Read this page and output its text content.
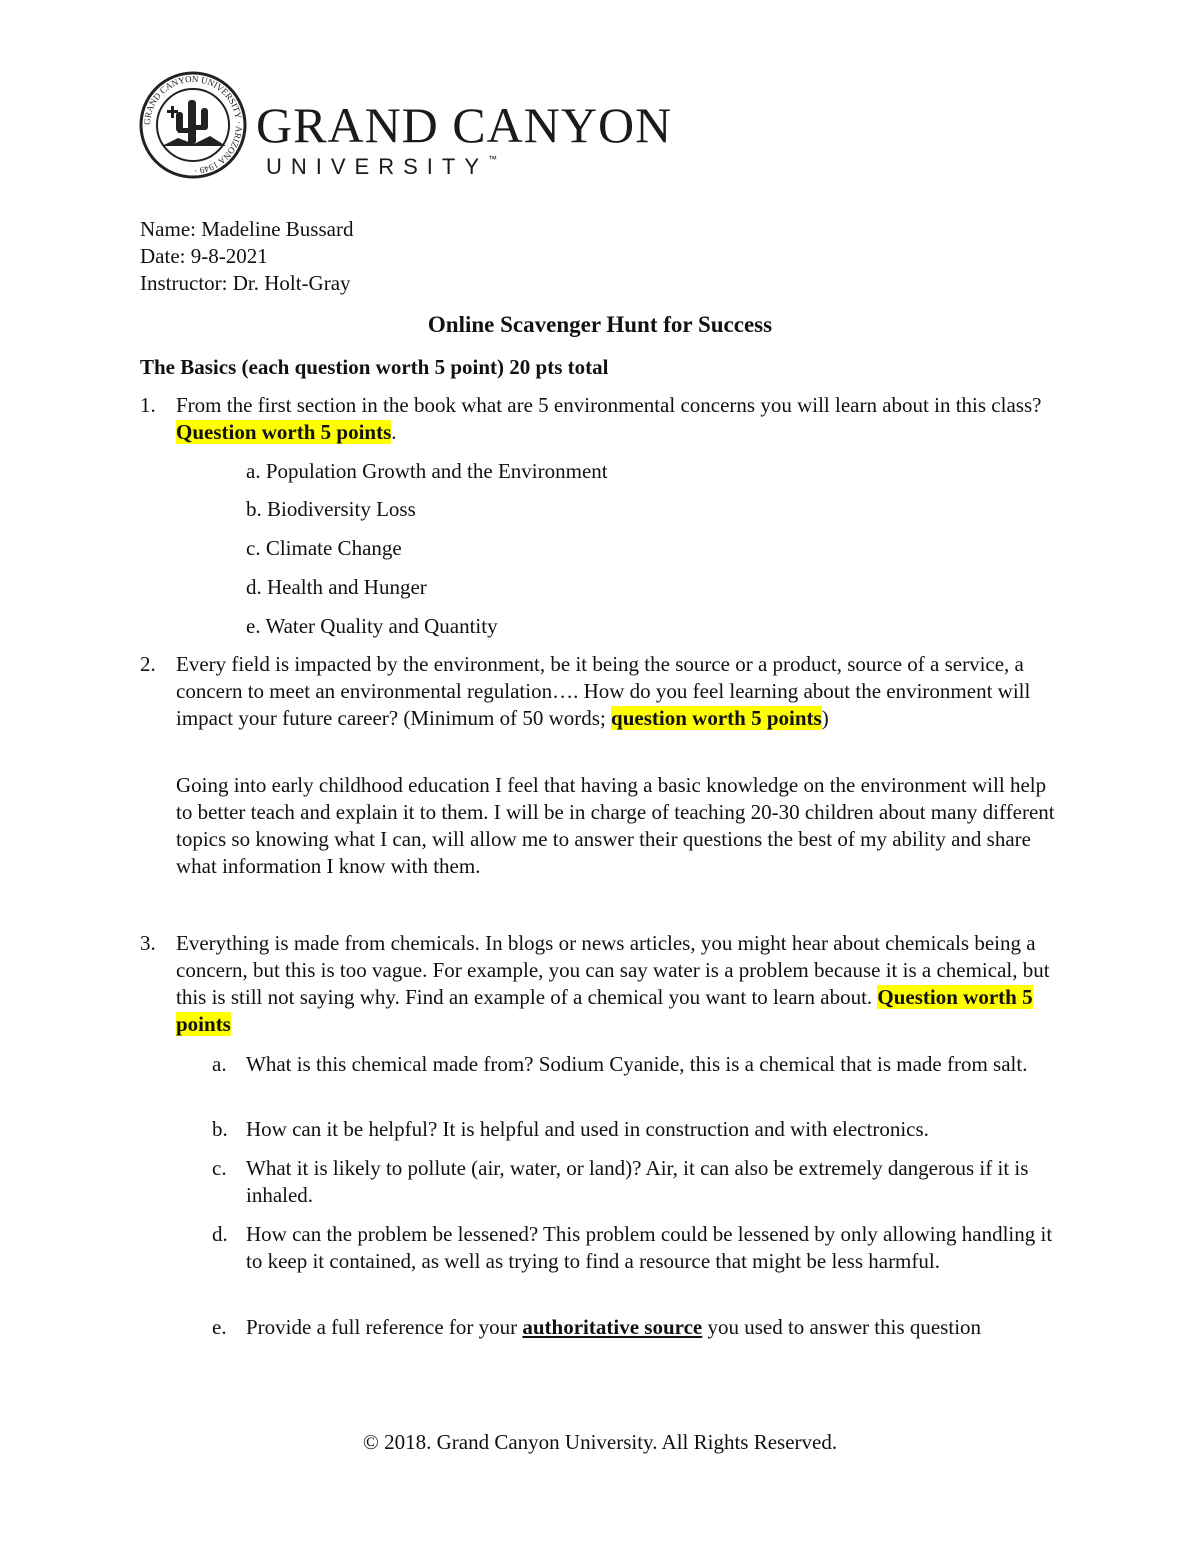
GRAND CANYON UNIVERSITY · ARIZONA 1949 ·
GRAND CANYON
UNIVERSITY™
Name: Madeline Bussard
Date: 9-8-2021
Instructor: Dr. Holt-Gray
Online Scavenger Hunt for Success
The Basics (each question worth 5 point) 20 pts total
1. From the first section in the book what are 5 environmental concerns you will learn about in this class? Question worth 5 points.
a. Population Growth and the Environment
b. Biodiversity Loss
c. Climate Change
d. Health and Hunger
e. Water Quality and Quantity
2. Every field is impacted by the environment, be it being the source or a product, source of a service, a concern to meet an environmental regulation…. How do you feel learning about the environment will impact your future career? (Minimum of 50 words; question worth 5 points)
Going into early childhood education I feel that having a basic knowledge on the environment will help to better teach and explain it to them. I will be in charge of teaching 20-30 children about many different topics so knowing what I can, will allow me to answer their questions the best of my ability and share what information I know with them.
3. Everything is made from chemicals. In blogs or news articles, you might hear about chemicals being a concern, but this is too vague. For example, you can say water is a problem because it is a chemical, but this is still not saying why. Find an example of a chemical you want to learn about. Question worth 5 points
a. What is this chemical made from? Sodium Cyanide, this is a chemical that is made from salt.
b. How can it be helpful? It is helpful and used in construction and with electronics.
c. What it is likely to pollute (air, water, or land)? Air, it can also be extremely dangerous if it is inhaled.
d. How can the problem be lessened? This problem could be lessened by only allowing handling it to keep it contained, as well as trying to find a resource that might be less harmful.
e. Provide a full reference for your authoritative source you used to answer this question
© 2018. Grand Canyon University. All Rights Reserved.
